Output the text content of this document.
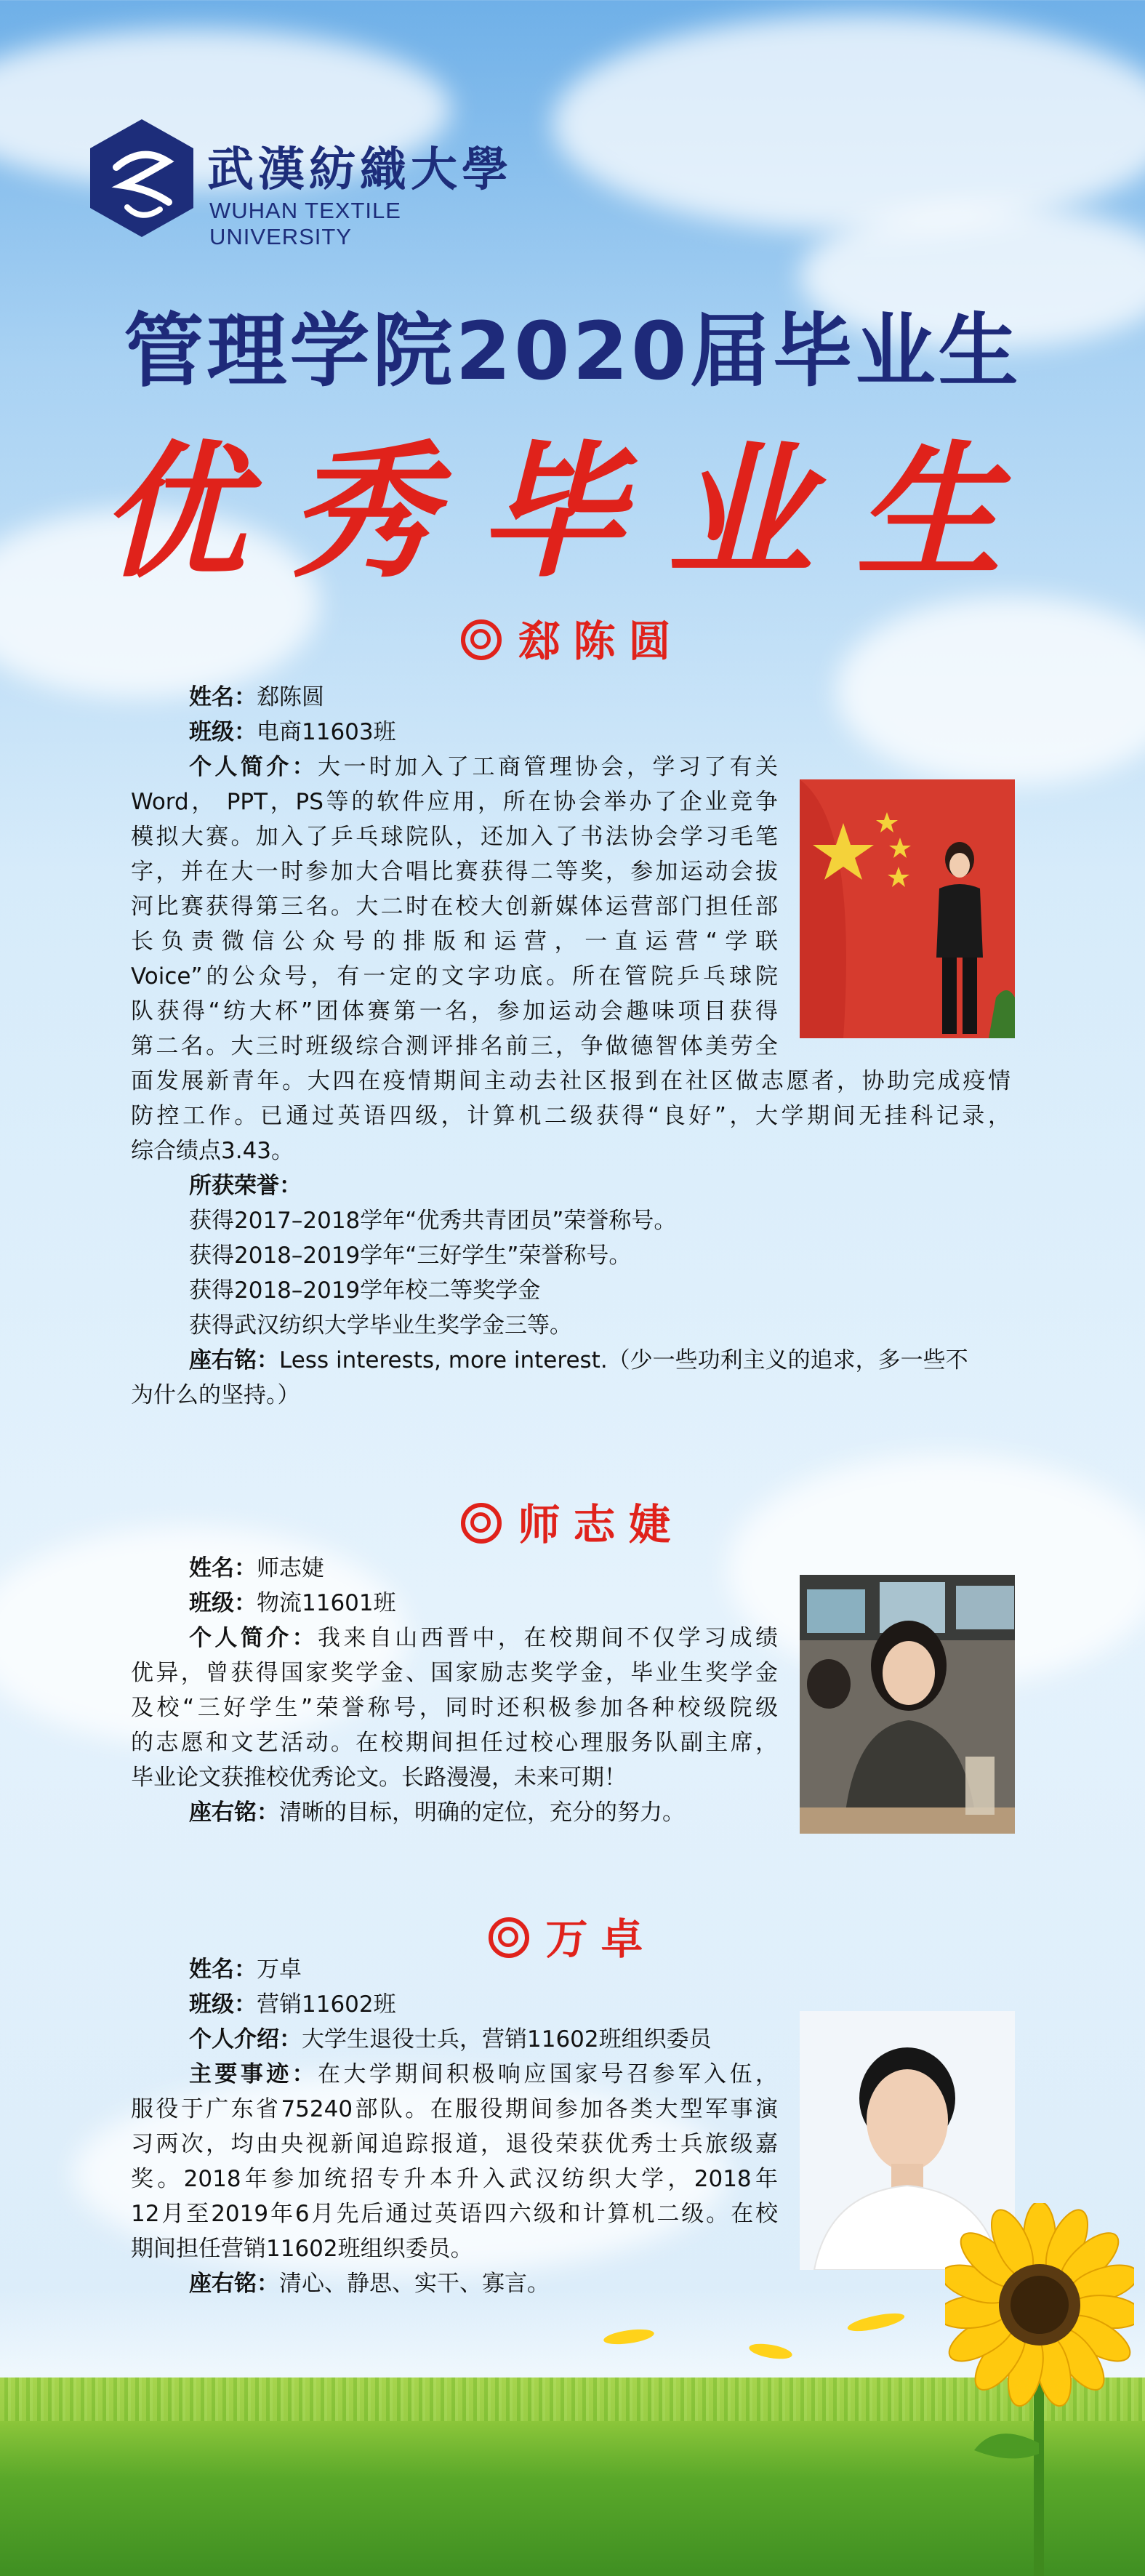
武漢紡織大學
WUHAN TEXTILE UNIVERSITY
管理学院2020届毕业生
优秀毕业生
郄陈圆
姓名：郄陈圆
班级：电商11603班
个人简介：大一时加入了工商管理协会，学习了有关
Word， PPT，PS等的软件应用，所在协会举办了企业竞争
模拟大赛。加入了乒乓球院队，还加入了书法协会学习毛笔
字，并在大一时参加大合唱比赛获得二等奖，参加运动会拔
河比赛获得第三名。大二时在校大创新媒体运营部门担任部
长负责微信公众号的排版和运营，一直运营“学联
Voice”的公众号，有一定的文字功底。所在管院乒乓球院
队获得“纺大杯”团体赛第一名，参加运动会趣味项目获得
第二名。大三时班级综合测评排名前三，争做德智体美劳全
面发展新青年。大四在疫情期间主动去社区报到在社区做志愿者，协助完成疫情
防控工作。已通过英语四级，计算机二级获得“良好”，大学期间无挂科记录，
综合绩点3.43。
所获荣誉：
获得2017–2018学年“优秀共青团员”荣誉称号。
获得2018–2019学年“三好学生”荣誉称号。
获得2018–2019学年校二等奖学金
获得武汉纺织大学毕业生奖学金三等。
座右铭：Less interests, more interest.（少一些功利主义的追求，多一些不
为什么的坚持。）
师志婕
姓名：师志婕
班级：物流11601班
个人简介：我来自山西晋中，在校期间不仅学习成绩
优异，曾获得国家奖学金、国家励志奖学金，毕业生奖学金
及校“三好学生”荣誉称号，同时还积极参加各种校级院级
的志愿和文艺活动。在校期间担任过校心理服务队副主席，
毕业论文获推校优秀论文。长路漫漫，未来可期！
座右铭：清晰的目标，明确的定位，充分的努力。
万卓
姓名：万卓
班级：营销11602班
个人介绍：大学生退役士兵，营销11602班组织委员
主要事迹：在大学期间积极响应国家号召参军入伍，
服役于广东省75240部队。在服役期间参加各类大型军事演
习两次，均由央视新闻追踪报道，退役荣获优秀士兵旅级嘉
奖。2018年参加统招专升本升入武汉纺织大学，2018年
12月至2019年6月先后通过英语四六级和计算机二级。在校
期间担任营销11602班组织委员。
座右铭：清心、静思、实干、寡言。
